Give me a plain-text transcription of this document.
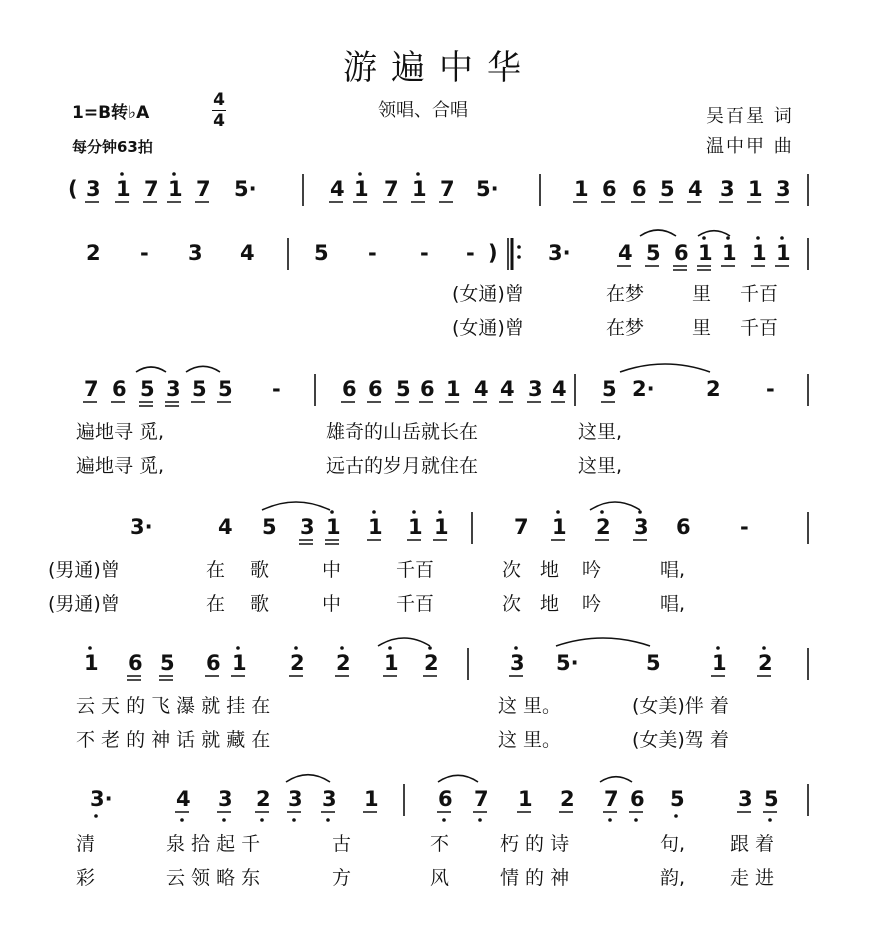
游遍中华
1=B转♭A
4
4
每分钟63拍
领唱、合唱	吴百星 词
温中甲 曲
( 3 1 7 1 7 5·	4 1 7 1 7 5·	1 6 6 5 4 3 1 3
2 - 3 4	5 - - - ) 3· 4 5 6 1 1 1 1
(女通)曾	在梦	里 千百
(女通)曾	在梦	里 千百
7 6 5 3 5 5 -	6 6 5 6 1 4 4 3 4 5 2· 2 -
遍地寻 觅,	雄奇的山岳就长在	这里,
遍地寻 觅,	远古的岁月就住在	这里,
3·	4 5 3 1 1 1 1	7 1 2 3 6 -
(男通)曾	在 歌	中	千百	次 地 吟	唱,
(男通)曾	在 歌	中	千百	次 地 吟	唱,
1 6 5 6 1 2 2 1 2	3 5·	5 1 2
云 天 的 飞 瀑 就 挂 在	这 里。	(女美)伴 着
不 老 的 神 话 就 藏 在	这 里。	(女美)驾 着
3·	4 3 2 3 3 1	6 7 1 2 7 6 5	3 5
清	泉 拾 起 千	古	不	朽 的 诗	句, 跟 着
彩	云 领 略 东	方	风	情 的 神	韵, 走 进
